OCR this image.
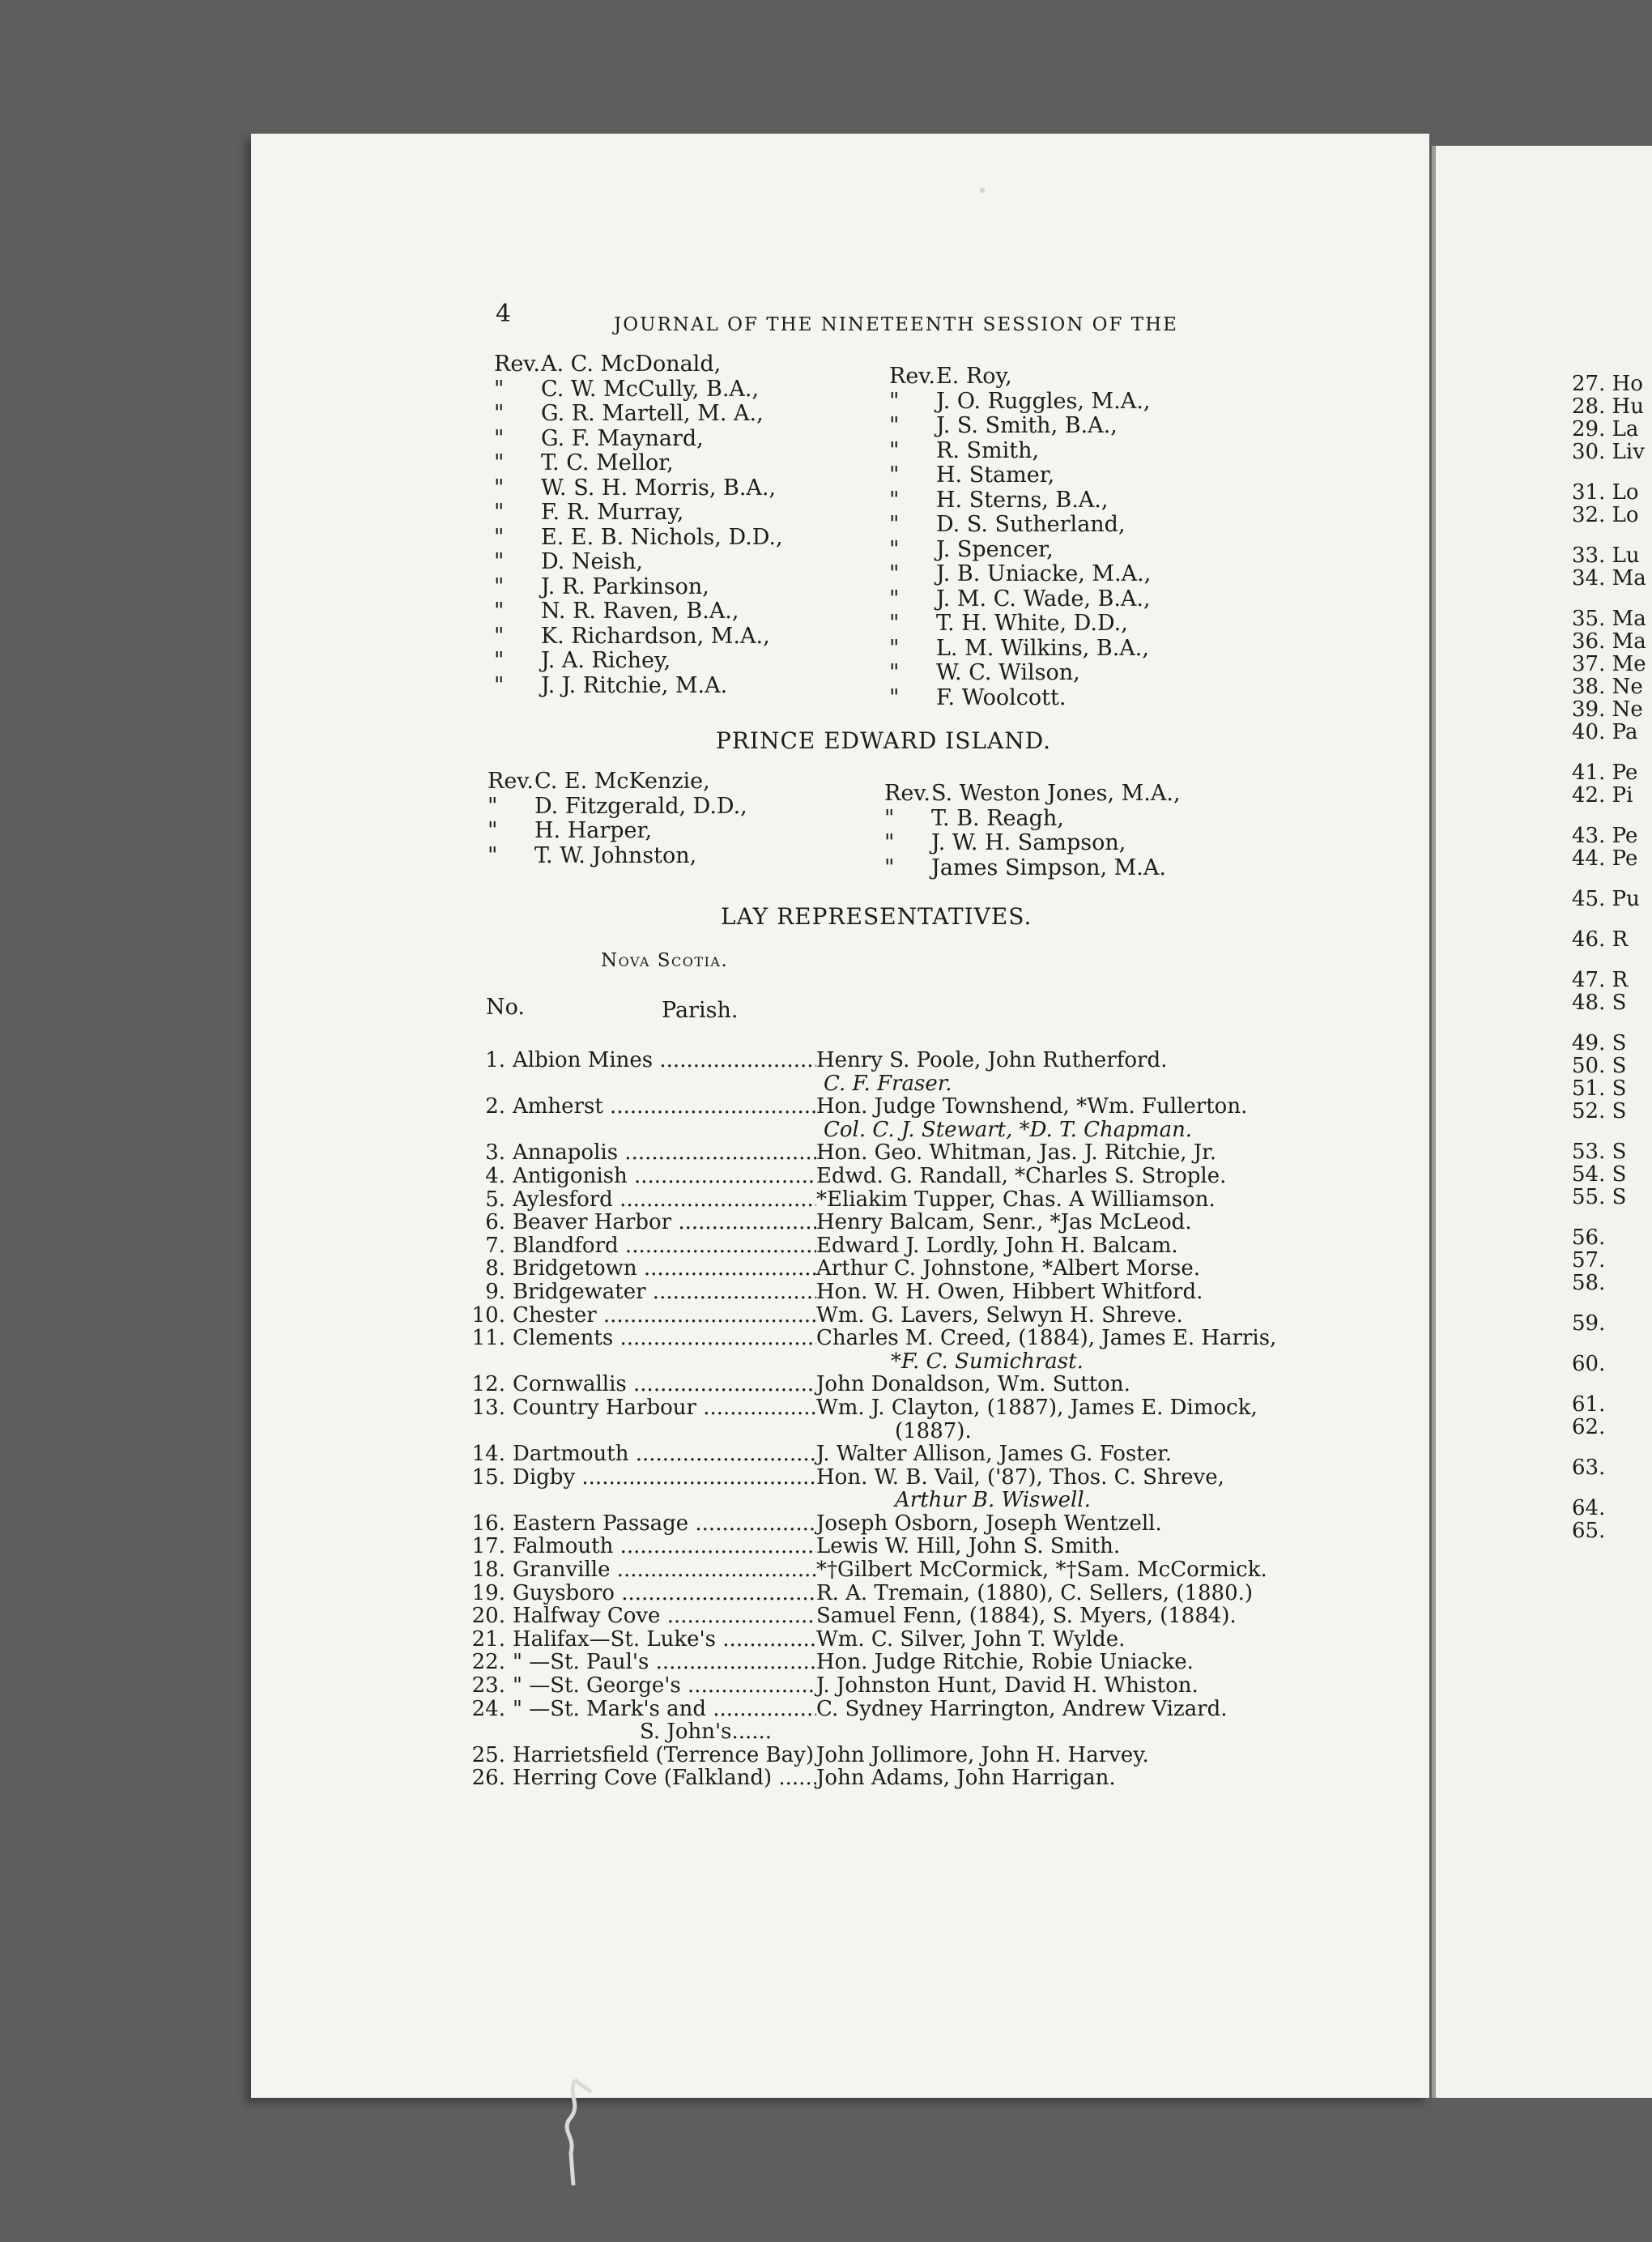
4	JOURNAL OF THE NINETEENTH SESSION OF THE
Rev. A. C. McDonald,
"	C. W. McCully, B.A.,
"	G. R. Martell, M. A.,
"	G. F. Maynard,
"	T. C. Mellor,
"	W. S. H. Morris, B.A.,
"	F. R. Murray,
"	E. E. B. Nichols, D.D.,
"	D. Neish,
"	J. R. Parkinson,
"	N. R. Raven, B.A.,
"	K. Richardson, M.A.,
"	J. A. Richey,
"	J. J. Ritchie, M.A.
Rev. E. Roy,
"	J. O. Ruggles, M.A.,
"	J. S. Smith, B.A.,
"	R. Smith,
"	H. Stamer,
"	H. Sterns, B.A.,
"	D. S. Sutherland,
"	J. Spencer,
"	J. B. Uniacke, M.A.,
"	J. M. C. Wade, B.A.,
"	T. H. White, D.D.,
"	L. M. Wilkins, B.A.,
"	W. C. Wilson,
"	F. Woolcott.
PRINCE EDWARD ISLAND.
Rev. C. E. McKenzie,
"	D. Fitzgerald, D.D.,
"	H. Harper,
"	T. W. Johnston,
Rev. S. Weston Jones, M.A.,
"	T. B. Reagh,
"	J. W. H. Sampson,
"	James Simpson, M.A.
LAY REPRESENTATIVES.
Nova Scotia.
No.	Parish.
1. Albion Mines .....	Henry S. Poole, John Rutherford.
C. F. Fraser.
2. Amherst .....	Hon. Judge Townshend, *Wm. Fullerton.
Col. C. J. Stewart, *D. T. Chapman.
3. Annapolis .....	Hon. Geo. Whitman, Jas. J. Ritchie, Jr.
4. Antigonish .....	Edwd. G. Randall, *Charles S. Strople.
5. Aylesford .....	*Eliakim Tupper, Chas. A Williamson.
6. Beaver Harbor .....	Henry Balcam, Senr., *Jas McLeod.
7. Blandford .....	Edward J. Lordly, John H. Balcam.
8. Bridgetown .....	Arthur C. Johnstone, *Albert Morse.
9. Bridgewater .....	Hon. W. H. Owen, Hibbert Whitford.
10. Chester .....	Wm. G. Lavers, Selwyn H. Shreve.
11. Clements .....	Charles M. Creed, (1884), James E. Harris,
*F. C. Sumichrast.
12. Cornwallis .....	John Donaldson, Wm. Sutton.
13. Country Harbour .....	Wm. J. Clayton, (1887), James E. Dimock,
(1887).
14. Dartmouth .....	J. Walter Allison, James G. Foster.
15. Digby .....	Hon. W. B. Vail, ('87), Thos. C. Shreve,
Arthur B. Wiswell.
16. Eastern Passage .....	Joseph Osborn, Joseph Wentzell.
17. Falmouth .....	Lewis W. Hill, John S. Smith.
18. Granville .....	*†Gilbert McCormick, *†Sam. McCormick.
19. Guysboro .....	R. A. Tremain, (1880), C. Sellers, (1880.)
20. Halfway Cove .....	Samuel Fenn, (1884), S. Myers, (1884).
21. Halifax—St. Luke's .....	Wm. C. Silver, John T. Wylde.
22. " —St. Paul's .....	Hon. Judge Ritchie, Robie Uniacke.
23. " —St. George's .....	J. Johnston Hunt, David H. Whiston.
24. " —St. Mark's and .....	C. Sydney Harrington, Andrew Vizard.
S. John's......
25. Harrietsfield (Terrence Bay) John Jollimore, John H. Harvey.
26. Herring Cove (Falkland) .....	John Adams, John Harrigan.
27. Ho
28. Hu
29. La
30. Liv
31. Lo
32. Lo
33. Lu
34. Ma
35. Ma
36. Ma
37. Me
38. Ne
39. Ne
40. Pa
41. Pe
42. Pi
43. Pe
44. Pe
45. Pu
46. R
47. R
48. S
49. S
50. S
51. S
52. S
53. S
54. S
55. S
56.
57.
58.
59.
60.
61.
62.
63.
64.
65.
